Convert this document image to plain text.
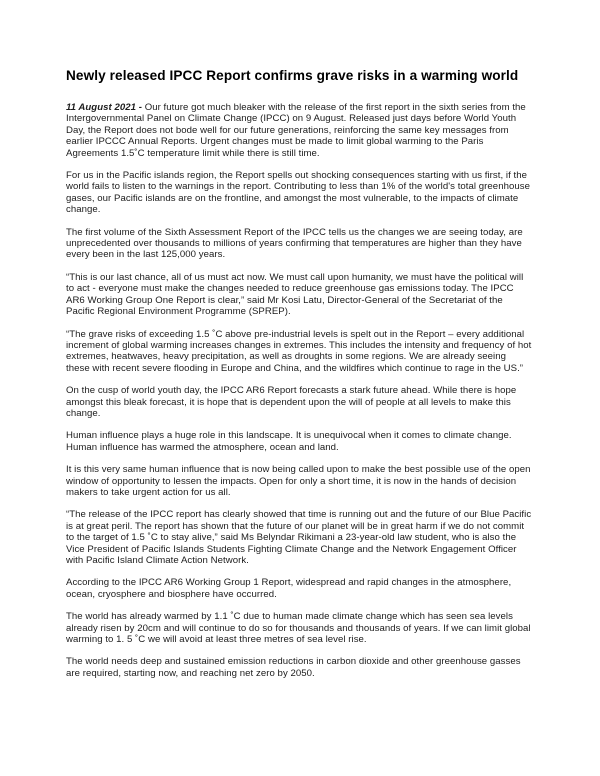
Newly released IPCC Report confirms grave risks in a warming world

11 August 2021 - Our future got much bleaker with the release of the first report in the sixth series from the Intergovernmental Panel on Climate Change (IPCC) on 9 August. Released just days before World Youth Day, the Report does not bode well for our future generations, reinforcing the same key messages from earlier IPCCC Annual Reports. Urgent changes must be made to limit global warming to the Paris Agreements 1.5˚C temperature limit while there is still time.

For us in the Pacific islands region, the Report spells out shocking consequences starting with us first, if the world fails to listen to the warnings in the report. Contributing to less than 1% of the world's total greenhouse gases, our Pacific islands are on the frontline, and amongst the most vulnerable, to the impacts of climate change.

The first volume of the Sixth Assessment Report of the IPCC tells us the changes we are seeing today, are unprecedented over thousands to millions of years confirming that temperatures are higher than they have every been in the last 125,000 years.

“This is our last chance, all of us must act now. We must call upon humanity, we must have the political will to act - everyone must make the changes needed to reduce greenhouse gas emissions today. The IPCC AR6 Working Group One Report is clear,” said Mr Kosi Latu, Director-General of the Secretariat of the Pacific Regional Environment Programme (SPREP).

“The grave risks of exceeding 1.5 ˚C above pre-industrial levels is spelt out in the Report – every additional increment of global warming increases changes in extremes. This includes the intensity and frequency of hot extremes, heatwaves, heavy precipitation, as well as droughts in some regions. We are already seeing these with recent severe flooding in Europe and China, and the wildfires which continue to rage in the US.”

On the cusp of world youth day, the IPCC AR6 Report forecasts a stark future ahead. While there is hope amongst this bleak forecast, it is hope that is dependent upon the will of people at all levels to make this change.

Human influence plays a huge role in this landscape. It is unequivocal when it comes to climate change. Human influence has warmed the atmosphere, ocean and land.

It is this very same human influence that is now being called upon to make the best possible use of the open window of opportunity to lessen the impacts. Open for only a short time, it is now in the hands of decision makers to take urgent action for us all.

“The release of the IPCC report has clearly showed that time is running out and the future of our Blue Pacific is at great peril. The report has shown that the future of our planet will be in great harm if we do not commit to the target of 1.5 ˚C to stay alive,” said Ms Belyndar Rikimani a 23-year-old law student, who is also the Vice President of Pacific Islands Students Fighting Climate Change and the Network Engagement Officer with Pacific Island Climate Action Network.

According to the IPCC AR6 Working Group 1 Report, widespread and rapid changes in the atmosphere, ocean, cryosphere and biosphere have occurred.

The world has already warmed by 1.1 ˚C due to human made climate change which has seen sea levels already risen by 20cm and will continue to do so for thousands and thousands of years. If we can limit global warming to 1. 5 ˚C we will avoid at least three metres of sea level rise.

The world needs deep and sustained emission reductions in carbon dioxide and other greenhouse gasses are required, starting now, and reaching net zero by 2050.
